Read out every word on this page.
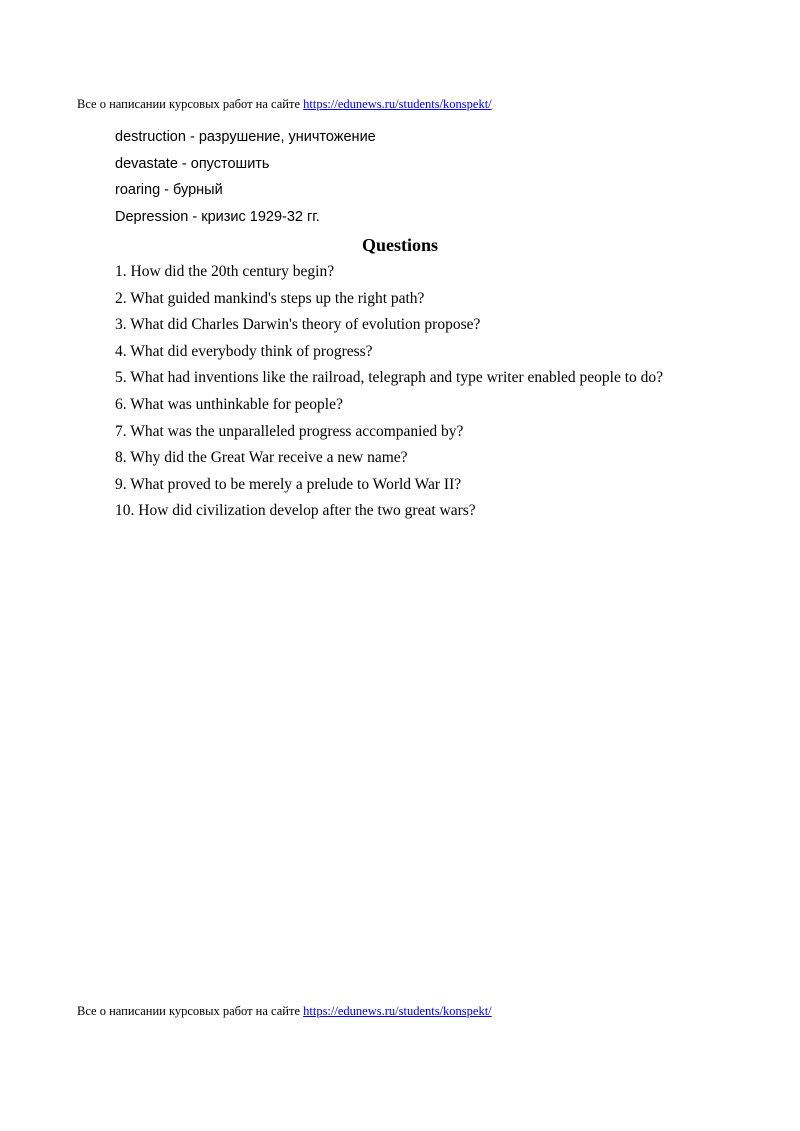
Все о написании курсовых работ на сайте https://edunews.ru/students/konspekt/
destruction - разрушение, уничтожение
devastate - опустошить
roaring - бурный
Depression - кризис 1929-32 гг.
Questions
1. How did the 20th century begin?
2. What guided mankind's steps up the right path?
3. What did Charles Darwin's theory of evolution propose?
4. What did everybody think of progress?
5. What had inventions like the railroad, telegraph and type writer enabled people to do?
6. What was unthinkable for people?
7. What was the unparalleled progress accompanied by?
8. Why did the Great War receive a new name?
9. What proved to be merely a prelude to World War II?
10. How did civilization develop after the two great wars?
Все о написании курсовых работ на сайте https://edunews.ru/students/konspekt/
